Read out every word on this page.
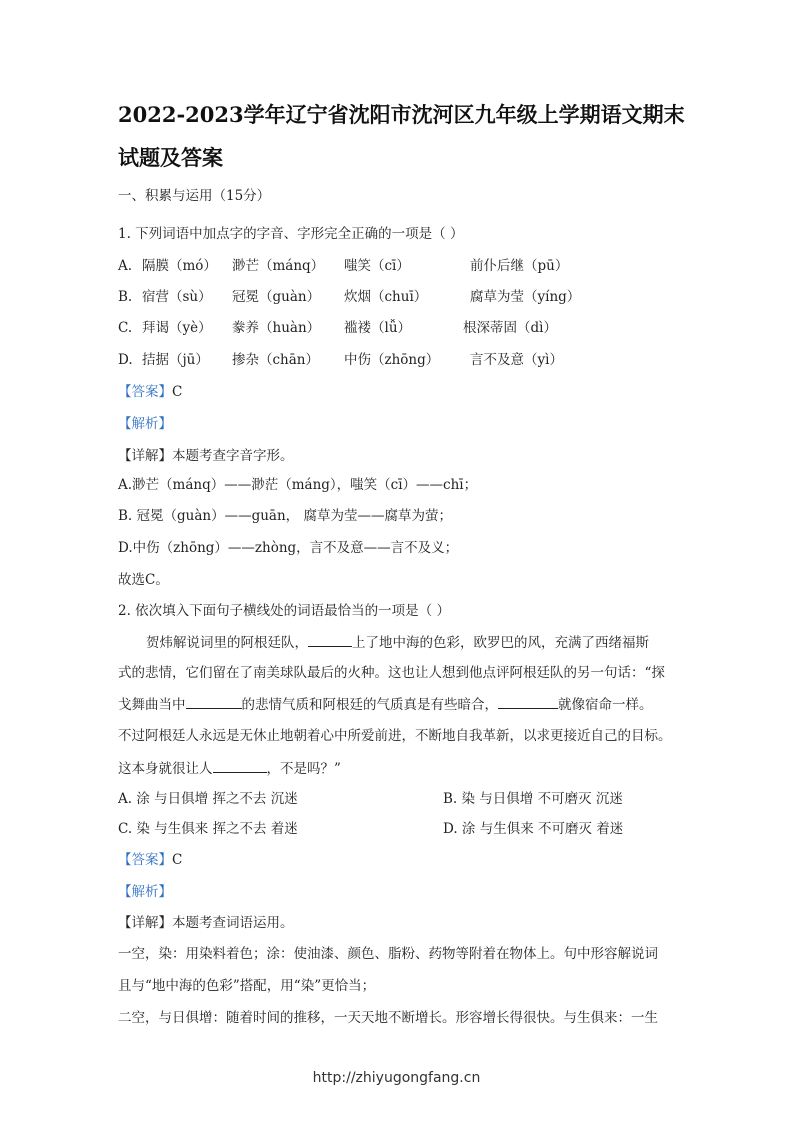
2022-2023学年辽宁省沈阳市沈河区九年级上学期语文期末
试题及答案
一、积累与运用（15分）
1. 下列词语中加点字的字音、字形完全正确的一项是（ ）
A. 隔膜（mó） 渺芒（mánq） 嗤笑（cī）	前仆后继（pū）
B. 宿营（sù） 冠冕（guàn） 炊烟（chuī）	腐草为莹（yíng）
C. 拜谒（yè） 豢养（huàn） 褴褛（lǚ）	根深蒂固（dì）
D. 拮据（jū） 掺杂（chān） 中伤（zhōng） 言不及意（yì）
【答案】C
【解析】
【详解】本题考查字音字形。
A.渺芒（mánq）——渺茫（máng），嗤笑（cī）——chī；
B. 冠冕（guàn）——guān， 腐草为莹——腐草为萤；
D.中伤（zhōng）——zhòng，言不及意——言不及义；
故选C。
2. 依次填入下面句子横线处的词语最恰当的一项是（ ）
贺炜解说词里的阿根廷队，	上了地中海的色彩，欧罗巴的风，充满了西绪福斯
式的悲情，它们留在了南美球队最后的火种。这也让人想到他点评阿根廷队的另一句话：“探
戈舞曲当中	的悲情气质和阿根廷的气质真是有些暗合，	就像宿命一样。
不过阿根廷人永远是无休止地朝着心中所爱前进，不断地自我革新，以求更接近自己的目标。
这本身就很让人	，不是吗？”
A. 涂 与日俱增 挥之不去 沉迷	B. 染 与日俱增 不可磨灭 沉迷
C. 染 与生俱来 挥之不去 着迷	D. 涂 与生俱来 不可磨灭 着迷
【答案】C
【解析】
【详解】本题考查词语运用。
一空，染：用染料着色；涂：使油漆、颜色、脂粉、药物等附着在物体上。句中形容解说词
且与“地中海的色彩”搭配，用“染”更恰当；
二空，与日俱增：随着时间的推移，一天天地不断增长。形容增长得很快。与生俱来：一生
http://zhiyugongfang.cn
